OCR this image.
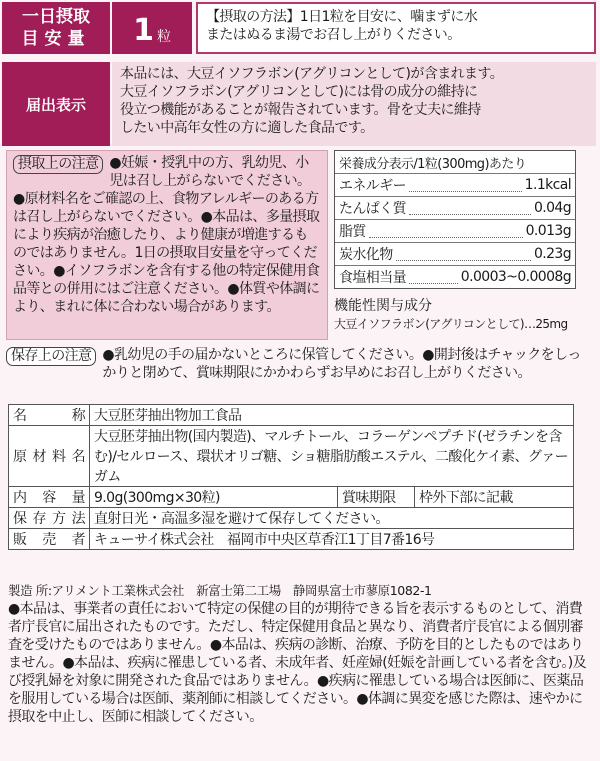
一日摂取
目安量 1 粒
【摂取の方法】1日1粒を目安に、噛まずに水
またはぬるま湯でお召し上がりください。
届出表示
本品には、大豆イソフラボン(アグリコンとして)が含まれます。
大豆イソフラボン(アグリコンとして)には骨の成分の維持に
役立つ機能があることが報告されています。骨を丈夫に維持
したい中高年女性の方に適した食品です。
摂取上の注意 ●妊娠・授乳中の方、乳幼児、小児は召し上がらないでください。●原材料名をご確認の上、食物アレルギーのある方は召し上がらないでください。●本品は、多量摂取により疾病が治癒したり、より健康が増進するものではありません。1日の摂取目安量を守ってください。●イソフラボンを含有する他の特定保健用食品等との併用にはご注意ください。●体質や体調により、まれに体に合わない場合があります。
栄養成分表示/1粒(300mg)あたり
エネルギー	1.1kcal
たんぱく質	0.04g
脂質	0.013g
炭水化物	0.23g
食塩相当量	0.0003~0.0008g
機能性関与成分
大豆イソフラボン(アグリコンとして)…25mg
保存上の注意 ●乳幼児の手の届かないところに保管してください。●開封後はチャックをしっかりと閉めて、賞味期限にかかわらずお早めにお召し上がりください。
名称	大豆胚芽抽出物加工食品		
原材料名	大豆胚芽抽出物(国内製造)、マルチトール、コラーゲンペプチド(ゼラチンを含む)/セルロース、環状オリゴ糖、ショ糖脂肪酸エステル、二酸化ケイ素、グァーガム		
内容量	9.0g(300mg×30粒)	賞味期限	枠外下部に記載
保存方法	直射日光・高温多湿を避けて保存してください。		
販売者	キューサイ株式会社　福岡市中央区草香江1丁目7番16号		
製造 所:アリメント工業株式会社　新富士第二工場　静岡県富士市蓼原1082-1
●本品は、事業者の責任において特定の保健の目的が期待できる旨を表示するものとして、消費者庁長官に届出されたものです。ただし、特定保健用食品と異なり、消費者庁長官による個別審査を受けたものではありません。●本品は、疾病の診断、治療、予防を目的としたものではありません。●本品は、疾病に罹患している者、未成年者、妊産婦(妊娠を計画している者を含む。)及び授乳婦を対象に開発された食品ではありません。●疾病に罹患している場合は医師に、医薬品を服用している場合は医師、薬剤師に相談してください。●体調に異変を感じた際は、速やかに摂取を中止し、医師に相談してください。
